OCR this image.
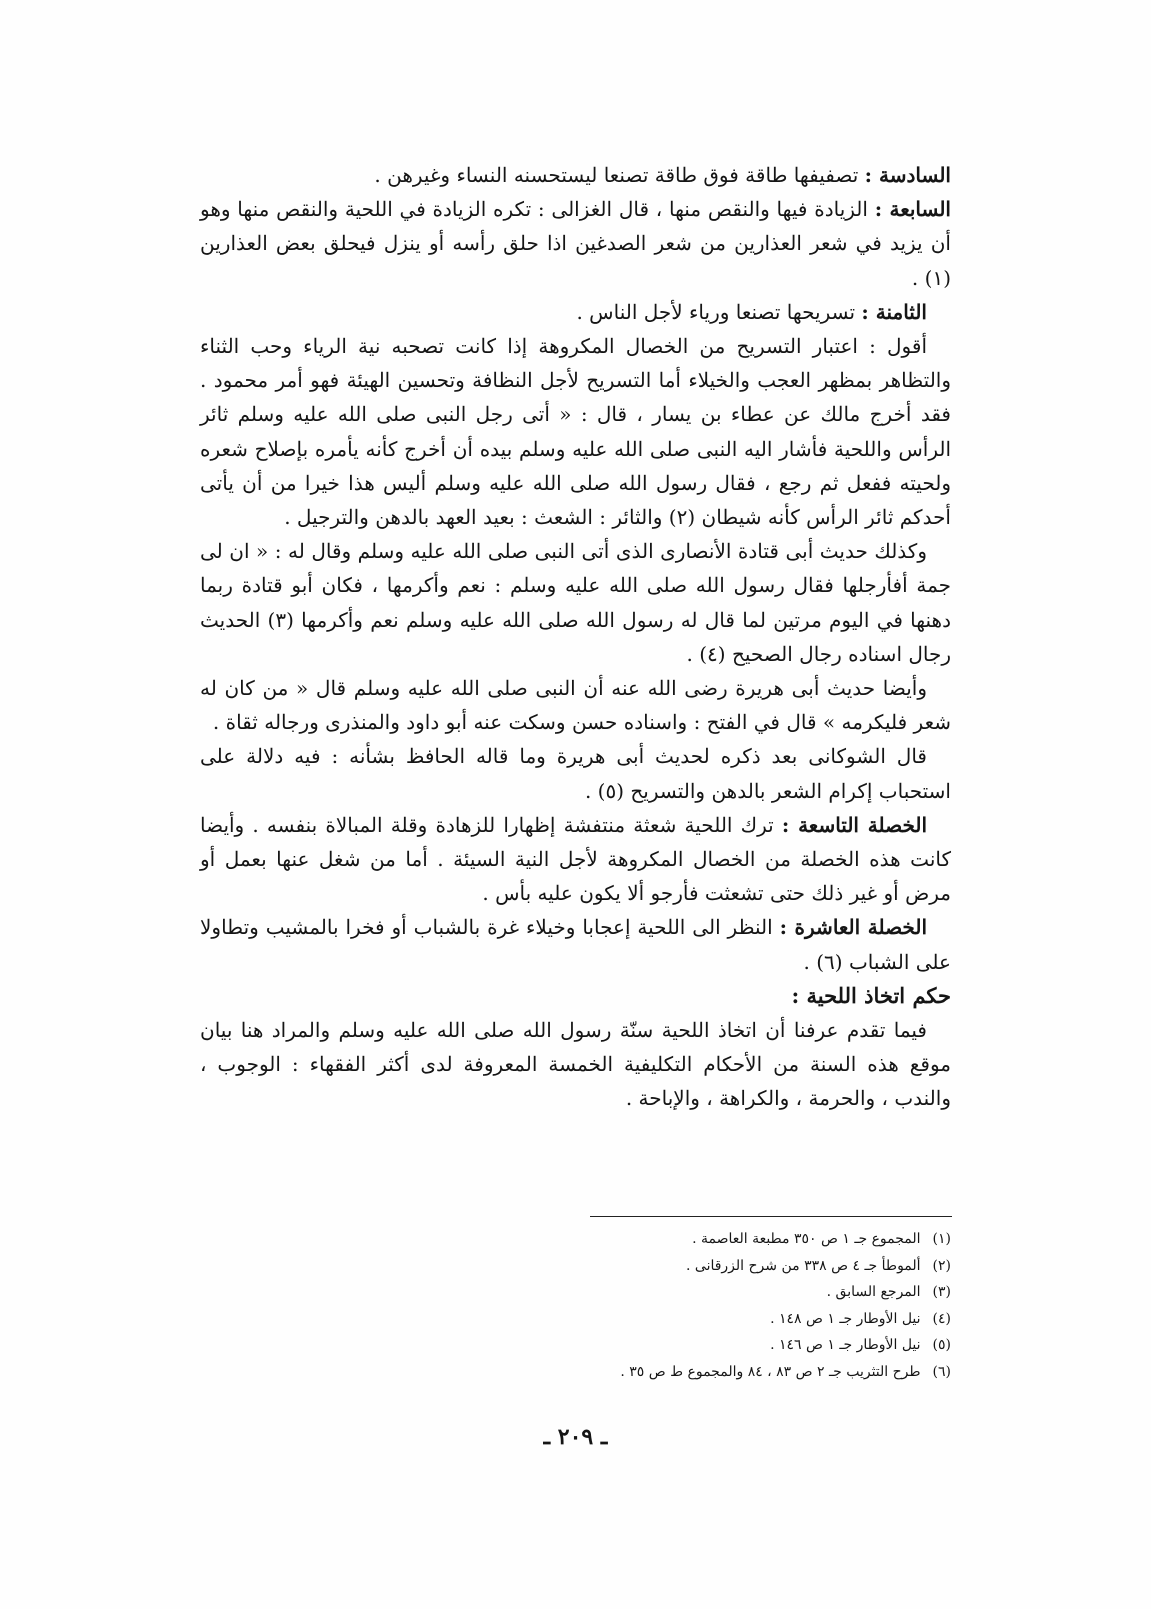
السادسة : تصفيفها طاقة فوق طاقة تصنعا ليستحسنه النساء وغيرهن .

السابعة : الزيادة فيها والنقص منها ، قال الغزالى : تكره الزيادة في اللحية والنقص منها وهو أن يزيد في شعر العذارين من شعر الصدغين اذا حلق رأسه أو ينزل فيحلق بعض العذارين (١) .

الثامنة : تسريحها تصنعا ورياء لأجل الناس .

أقول : اعتبار التسريح من الخصال المكروهة إذا كانت تصحبه نية الرياء وحب الثناء والتظاهر بمظهر العجب والخيلاء أما التسريح لأجل النظافة وتحسين الهيئة فهو أمر محمود . فقد أخرج مالك عن عطاء بن يسار ، قال : « أتى رجل النبى صلى الله عليه وسلم ثائر الرأس واللحية فأشار اليه النبى صلى الله عليه وسلم بيده أن أخرج كأنه يأمره بإصلاح شعره ولحيته ففعل ثم رجع ، فقال رسول الله صلى الله عليه وسلم أليس هذا خيرا من أن يأتى أحدكم ثائر الرأس كأنه شيطان (٢) والثائر : الشعث : بعيد العهد بالدهن والترجيل .

وكذلك حديث أبى قتادة الأنصارى الذى أتى النبى صلى الله عليه وسلم وقال له : « ان لى جمة أفأرجلها فقال رسول الله صلى الله عليه وسلم : نعم وأكرمها ، فكان أبو قتادة ربما دهنها في اليوم مرتين لما قال له رسول الله صلى الله عليه وسلم نعم وأكرمها (٣) الحديث رجال اسناده رجال الصحيح (٤) .

وأيضا حديث أبى هريرة رضى الله عنه أن النبى صلى الله عليه وسلم قال « من كان له شعر فليكرمه » قال في الفتح : واسناده حسن وسكت عنه أبو داود والمنذرى ورجاله ثقاة .

قال الشوكانى بعد ذكره لحديث أبى هريرة وما قاله الحافظ بشأنه : فيه دلالة على استحباب إكرام الشعر بالدهن والتسريح (٥) .

الخصلة التاسعة : ترك اللحية شعثة منتفشة إظهارا للزهادة وقلة المبالاة بنفسه . وأيضا كانت هذه الخصلة من الخصال المكروهة لأجل النية السيئة . أما من شغل عنها بعمل أو مرض أو غير ذلك حتى تشعثت فأرجو ألا يكون عليه بأس .

الخصلة العاشرة : النظر الى اللحية إعجابا وخيلاء غرة بالشباب أو فخرا بالمشيب وتطاولا على الشباب (٦) .

حكم اتخاذ اللحية :

فيما تقدم عرفنا أن اتخاذ اللحية سنّة رسول الله صلى الله عليه وسلم والمراد هنا بيان موقع هذه السنة من الأحكام التكليفية الخمسة المعروفة لدى أكثر الفقهاء : الوجوب ، والندب ، والحرمة ، والكراهة ، والإباحة .

(١) المجموع جـ ١ ص ٣٥٠ مطبعة العاصمة .
(٢) ألموطأ جـ ٤ ص ٣٣٨ من شرح الزرقانى .
(٣) المرجع السابق .
(٤) نيل الأوطار جـ ١ ص ١٤٨ .
(٥) نيل الأوطار جـ ١ ص ١٤٦ .
(٦) طرح التثريب جـ ٢ ص ٨٣ ، ٨٤ والمجموع ط ص ٣٥ .
ـ ٢٠٩ ـ
